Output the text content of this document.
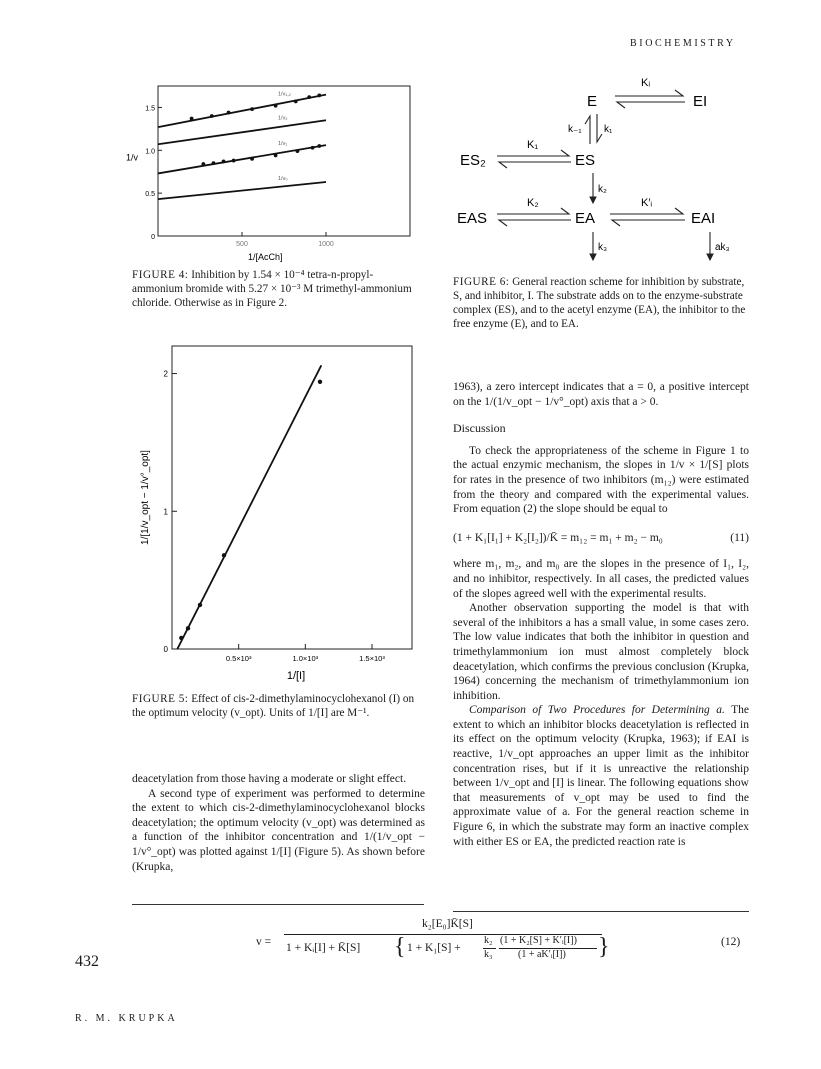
BIOCHEMISTRY
0
0.5
1.0
1.5
500	1000
1/v
1/[AcCh]
1/v₁,₂
1/v₂
1/v₁
1/v₀
FIGURE 4: Inhibition by 1.54 × 10⁻⁴ tetra-n-propyl-ammonium bromide with 5.27 × 10⁻³ M trimethyl-ammonium chloride. Otherwise as in Figure 2.
0
1
2
0.5×10³	1.0×10³	1.5×10³
1/[I]
1/[1/v_opt − 1/v°_opt]
FIGURE 5: Effect of cis-2-dimethylaminocyclohexanol (I) on the optimum velocity (v_opt). Units of 1/[I] are M⁻¹.
E	EI
ES
ES₂
EA
EAS	EAI
Kᵢ
k₋₁ k₁
K₁
k₂
K₂	K′ᵢ
k₃	ak₃
FIGURE 6: General reaction scheme for inhibition by substrate, S, and inhibitor, I. The substrate adds on to the enzyme-substrate complex (ES), and to the acetyl enzyme (EA), the inhibitor to the free enzyme (E), and to EA.

deacetylation from those having a moderate or slight effect.

A second type of experiment was performed to determine the extent to which cis-2-dimethylaminocyclohexanol blocks deacetylation; the optimum velocity (v_opt) was determined as a function of the inhibitor concentration and 1/(1/v_opt − 1/v°_opt) was plotted against 1/[I] (Figure 5). As shown before (Krupka,

1963), a zero intercept indicates that a = 0, a positive intercept on the 1/(1/v_opt − 1/v°_opt) axis that a > 0.

Discussion

To check the appropriateness of the scheme in Figure 1 to the actual enzymic mechanism, the slopes in 1/v × 1/[S] plots for rates in the presence of two inhibitors (m₁₂) were estimated from the theory and compared with the experimental values. From equation (2) the slope should be equal to

(1 + K₁[I₁] + K₂[I₂])/K̄ = m₁₂ = m₁ + m₂ − m₀	(11)

where m₁, m₂, and m₀ are the slopes in the presence of I₁, I₂, and no inhibitor, respectively. In all cases, the predicted values of the slopes agreed well with the experimental results.

Another observation supporting the model is that with several of the inhibitors a has a small value, in some cases zero. The low value indicates that both the inhibitor in question and trimethylammonium ion must almost completely block deacetylation, which confirms the previous conclusion (Krupka, 1964) concerning the mechanism of trimethylammonium ion inhibition.

Comparison of Two Procedures for Determining a. The extent to which an inhibitor blocks deacetylation is reflected in its effect on the optimum velocity (Krupka, 1963); if EAI is reactive, 1/v_opt approaches an upper limit as the inhibitor concentration rises, but if it is unreactive the relationship between 1/v_opt and [I] is linear. The following equations show that measurements of v_opt may be used to find the approximate value of a. For the general reaction scheme in Figure 6, in which the substrate may form an inactive complex with either ES or EA, the predicted reaction rate is

v =
k₂[E₀]K̄[S]
1 + Kᵢ[I] + K̄[S] { 1 + K₁[S] +
k₂
k₃
(1 + K₂[S] + K′ᵢ[I])
(1 + aK′ᵢ[I]) }	(12)
432
R. M. KRUPKA
